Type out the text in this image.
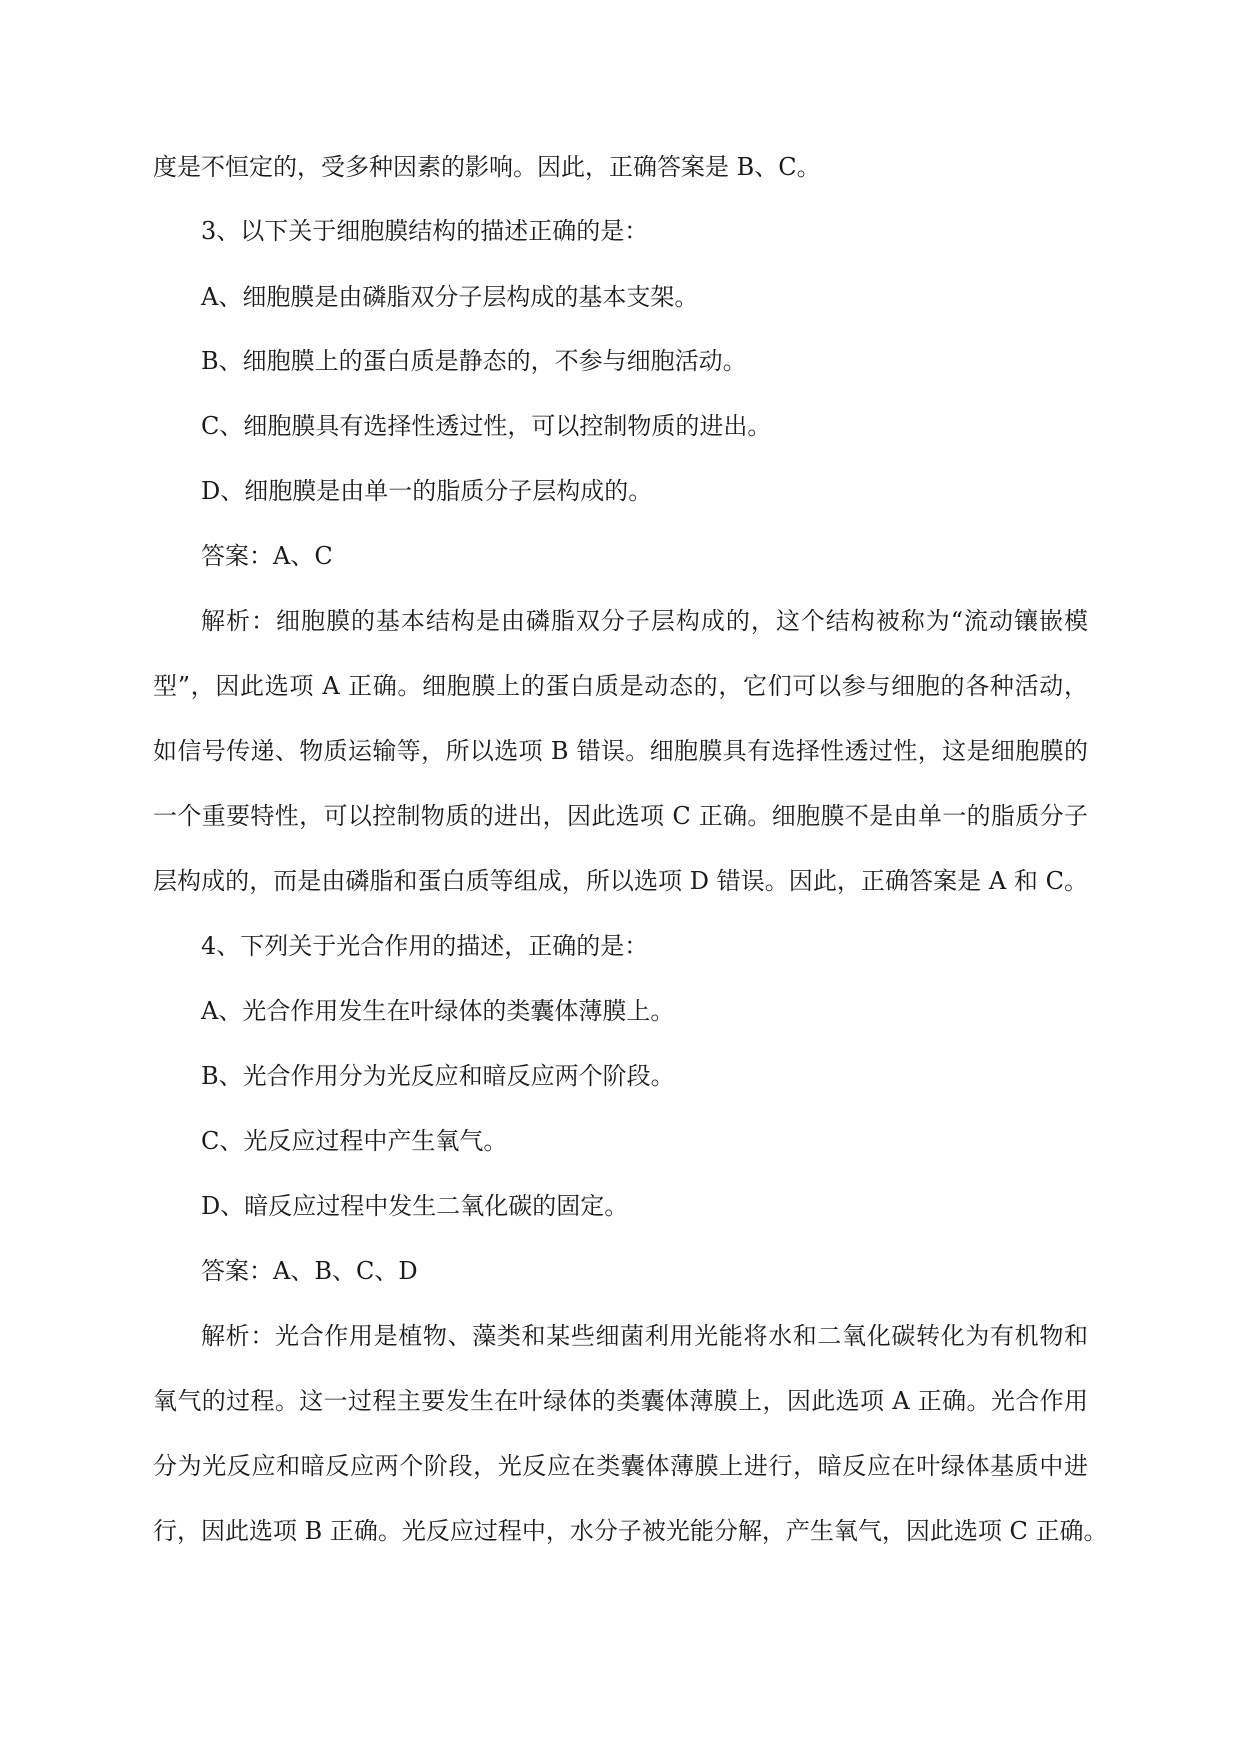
度是不恒定的，受多种因素的影响。因此，正确答案是 B、C。
3、以下关于细胞膜结构的描述正确的是：
A、细胞膜是由磷脂双分子层构成的基本支架。
B、细胞膜上的蛋白质是静态的，不参与细胞活动。
C、细胞膜具有选择性透过性，可以控制物质的进出。
D、细胞膜是由单一的脂质分子层构成的。
答案：A、C
解析：细胞膜的基本结构是由磷脂双分子层构成的，这个结构被称为“流动镶嵌模
型”，因此选项 A 正确。细胞膜上的蛋白质是动态的，它们可以参与细胞的各种活动，
如信号传递、物质运输等，所以选项 B 错误。细胞膜具有选择性透过性，这是细胞膜的
一个重要特性，可以控制物质的进出，因此选项 C 正确。细胞膜不是由单一的脂质分子
层构成的，而是由磷脂和蛋白质等组成，所以选项 D 错误。因此，正确答案是 A 和 C。
4、下列关于光合作用的描述，正确的是：
A、光合作用发生在叶绿体的类囊体薄膜上。
B、光合作用分为光反应和暗反应两个阶段。
C、光反应过程中产生氧气。
D、暗反应过程中发生二氧化碳的固定。
答案：A、B、C、D
解析：光合作用是植物、藻类和某些细菌利用光能将水和二氧化碳转化为有机物和
氧气的过程。这一过程主要发生在叶绿体的类囊体薄膜上，因此选项 A 正确。光合作用
分为光反应和暗反应两个阶段，光反应在类囊体薄膜上进行，暗反应在叶绿体基质中进
行，因此选项 B 正确。光反应过程中，水分子被光能分解，产生氧气，因此选项 C 正确。
